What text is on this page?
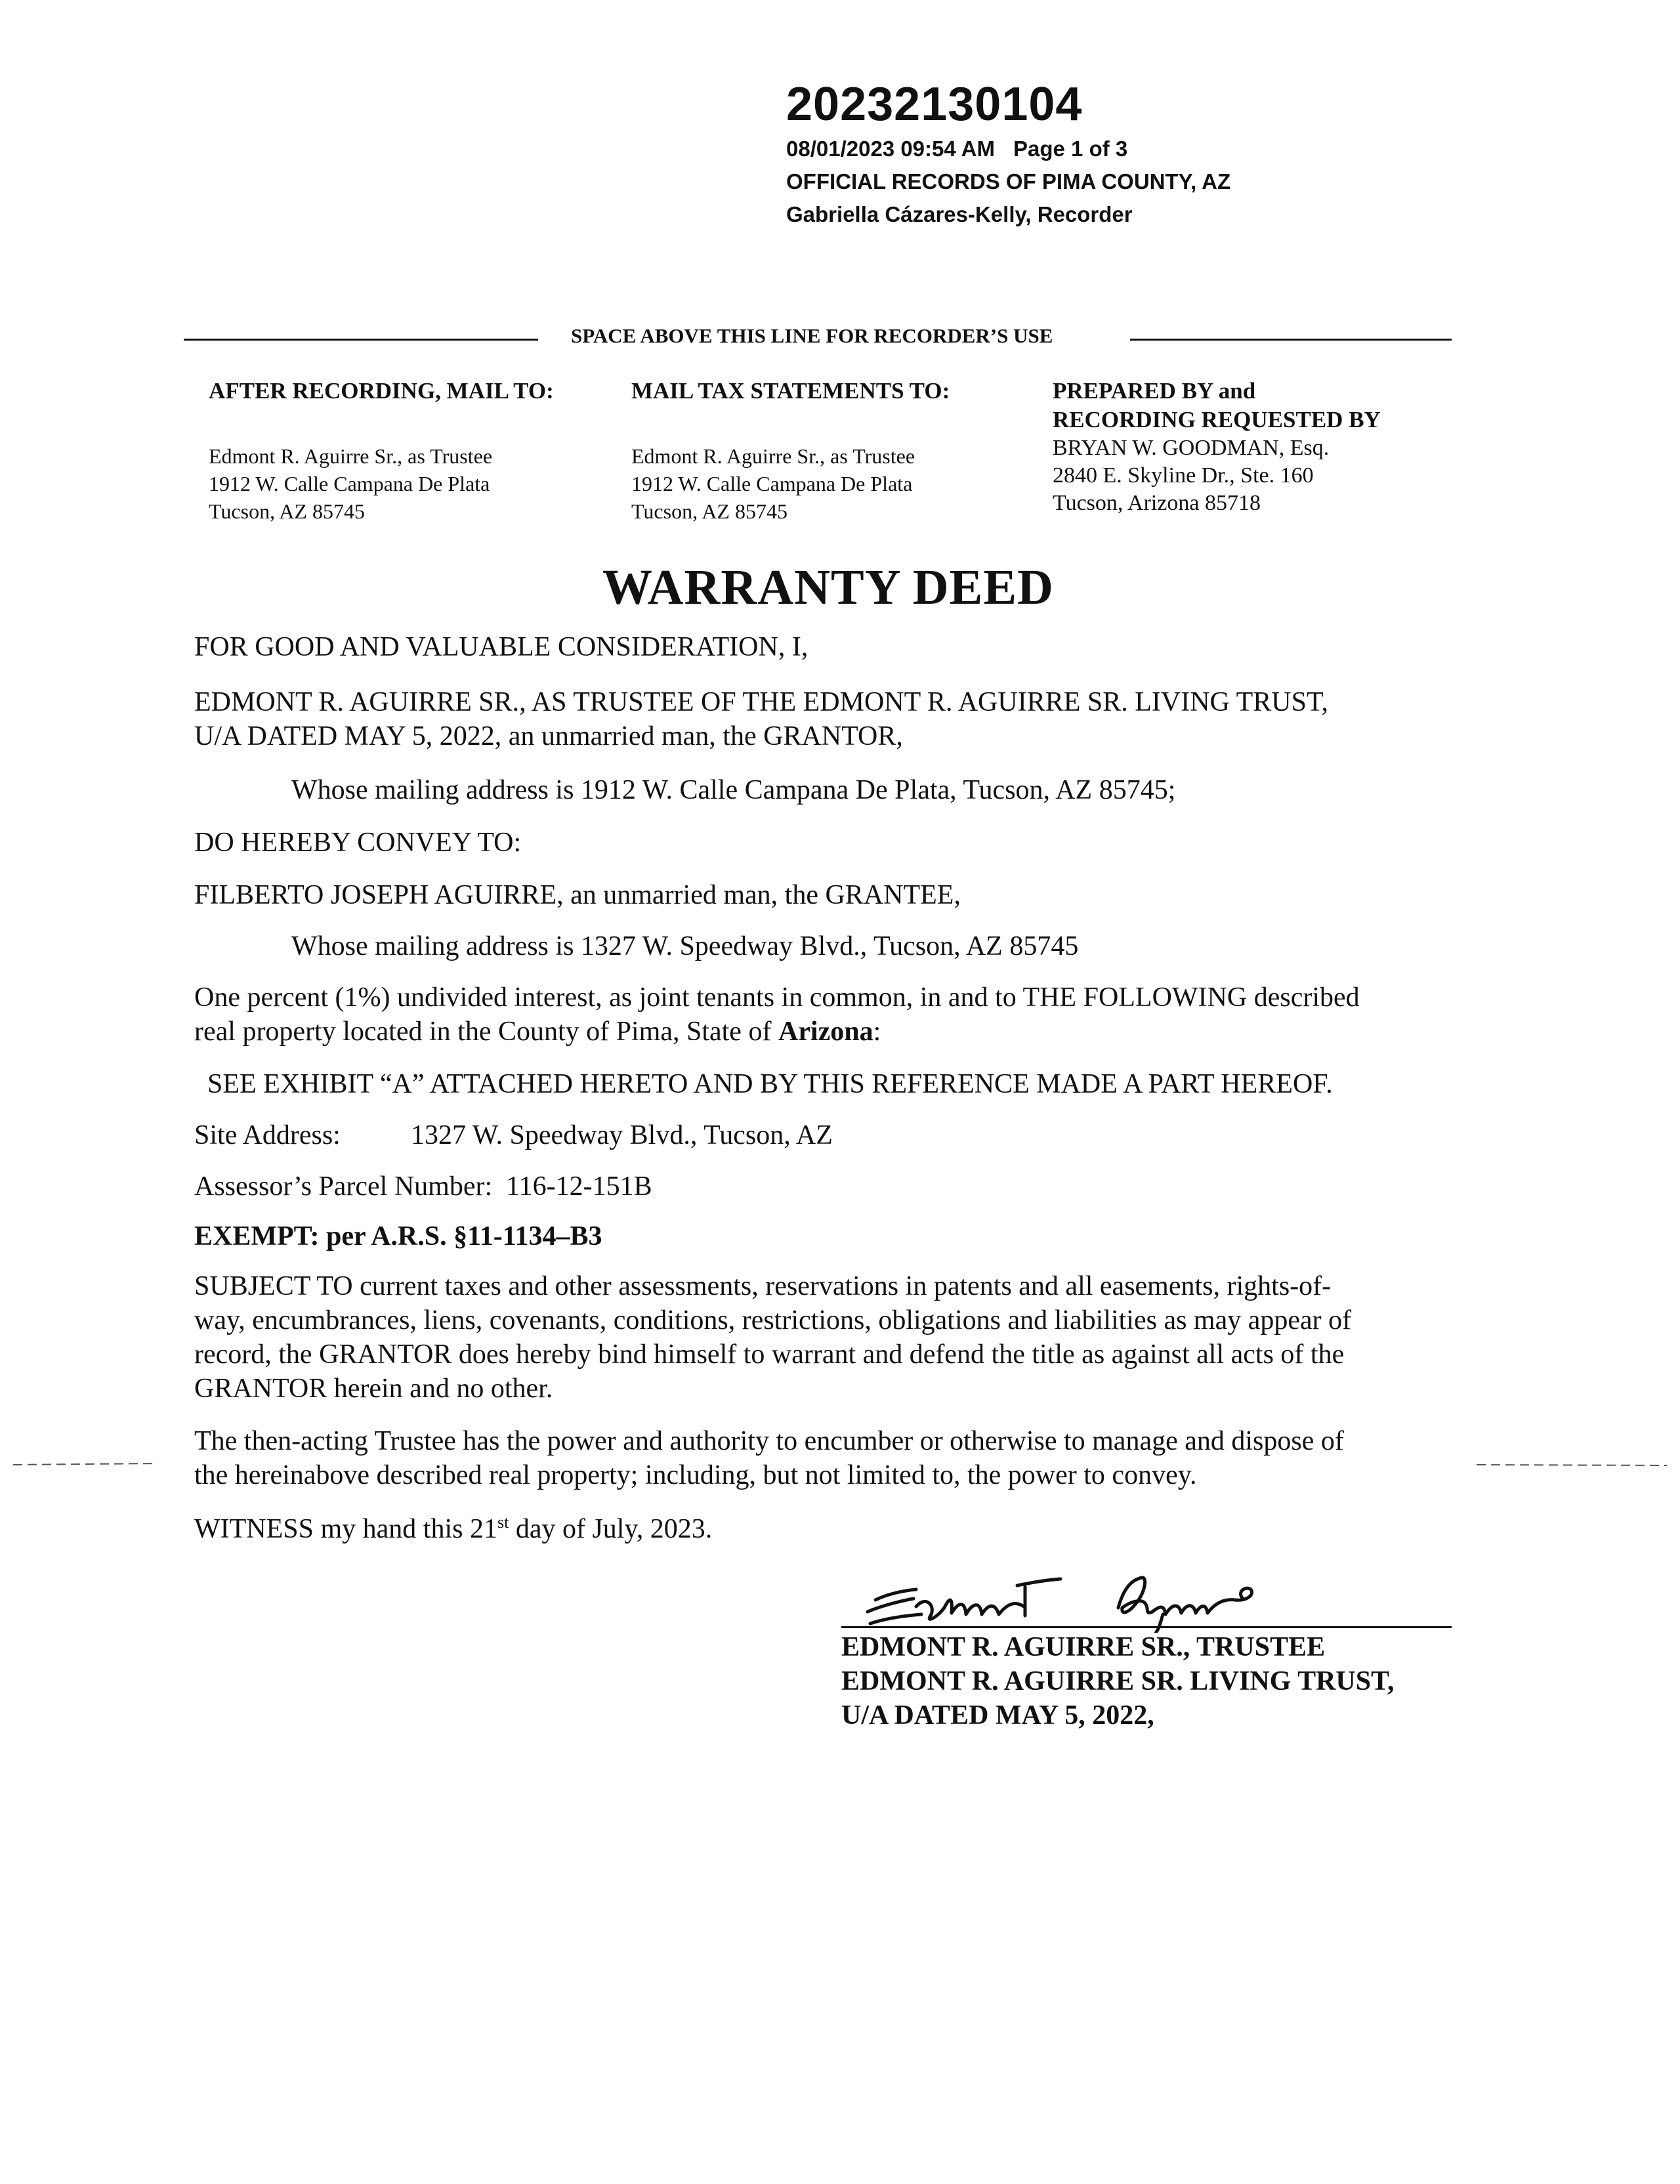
20232130104
08/01/2023 09:54 AM Page 1 of 3
OFFICIAL RECORDS OF PIMA COUNTY, AZ
Gabriella Cázares-Kelly, Recorder
SPACE ABOVE THIS LINE FOR RECORDER’S USE
AFTER RECORDING, MAIL TO:
Edmont R. Aguirre Sr., as Trustee
1912 W. Calle Campana De Plata
Tucson, AZ 85745
MAIL TAX STATEMENTS TO:
Edmont R. Aguirre Sr., as Trustee
1912 W. Calle Campana De Plata
Tucson, AZ 85745
PREPARED BY and
RECORDING REQUESTED BY
BRYAN W. GOODMAN, Esq.
2840 E. Skyline Dr., Ste. 160
Tucson, Arizona 85718
WARRANTY DEED
FOR GOOD AND VALUABLE CONSIDERATION, I,
EDMONT R. AGUIRRE SR., AS TRUSTEE OF THE EDMONT R. AGUIRRE SR. LIVING TRUST,
U/A DATED MAY 5, 2022, an unmarried man, the GRANTOR,
Whose mailing address is 1912 W. Calle Campana De Plata, Tucson, AZ 85745;
DO HEREBY CONVEY TO:
FILBERTO JOSEPH AGUIRRE, an unmarried man, the GRANTEE,
Whose mailing address is 1327 W. Speedway Blvd., Tucson, AZ 85745
One percent (1%) undivided interest, as joint tenants in common, in and to THE FOLLOWING described
real property located in the County of Pima, State of Arizona:
SEE EXHIBIT “A” ATTACHED HERETO AND BY THIS REFERENCE MADE A PART HEREOF.
Site Address:	1327 W. Speedway Blvd., Tucson, AZ
Assessor’s Parcel Number: 116-12-151B
EXEMPT: per A.R.S. §11-1134–B3
SUBJECT TO current taxes and other assessments, reservations in patents and all easements, rights-of-
way, encumbrances, liens, covenants, conditions, restrictions, obligations and liabilities as may appear of
record, the GRANTOR does hereby bind himself to warrant and defend the title as against all acts of the
GRANTOR herein and no other.
The then-acting Trustee has the power and authority to encumber or otherwise to manage and dispose of
the hereinabove described real property; including, but not limited to, the power to convey.
WITNESS my hand this 21st day of July, 2023.
EDMONT R. AGUIRRE SR., TRUSTEE
EDMONT R. AGUIRRE SR. LIVING TRUST,
U/A DATED MAY 5, 2022,
